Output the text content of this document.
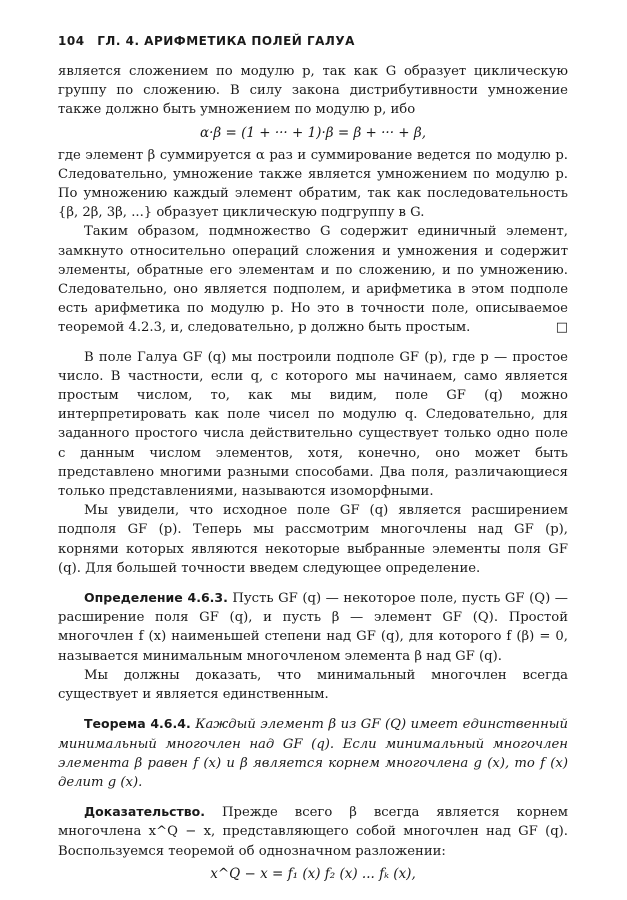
104 ГЛ. 4. АРИФМЕТИКА ПОЛЕЙ ГАЛУА

является сложением по модулю p, так как G образует циклическую группу по сложению. В силу закона дистрибутивности умножение также должно быть умножением по модулю p, ибо

α·β = (1 + ··· + 1)·β = β + ··· + β,

где элемент β суммируется α раз и суммирование ведется по модулю p. Следовательно, умножение также является умножением по модулю p. По умножению каждый элемент обратим, так как последовательность {β, 2β, 3β, ...} образует циклическую подгруппу в G.

Таким образом, подмножество G содержит единичный элемент, замкнуто относительно операций сложения и умножения и содержит элементы, обратные его элементам и по сложению, и по умножению. Следовательно, оно является подполем, и арифметика в этом подполе есть арифметика по модулю p. Но это в точности поле, описываемое теоремой 4.2.3, и, следовательно, p должно быть простым.	□

В поле Галуа GF (q) мы построили подполе GF (p), где p — простое число. В частности, если q, с которого мы начинаем, само является простым числом, то, как мы видим, поле GF (q) можно интерпретировать как поле чисел по модулю q. Следовательно, для заданного простого числа действительно существует только одно поле с данным числом элементов, хотя, конечно, оно может быть представлено многими разными способами. Два поля, различающиеся только представлениями, называются изоморфными.

Мы увидели, что исходное поле GF (q) является расширением подполя GF (p). Теперь мы рассмотрим многочлены над GF (p), корнями которых являются некоторые выбранные элементы поля GF (q). Для большей точности введем следующее определение.

Определение 4.6.3. Пусть GF (q) — некоторое поле, пусть GF (Q) — расширение поля GF (q), и пусть β — элемент GF (Q). Простой многочлен f (x) наименьшей степени над GF (q), для которого f (β) = 0, называется минимальным многочленом элемента β над GF (q).

Мы должны доказать, что минимальный многочлен всегда существует и является единственным.

Теорема 4.6.4. Каждый элемент β из GF (Q) имеет единственный минимальный многочлен над GF (q). Если минимальный многочлен элемента β равен f (x) и β является корнем многочлена g (x), то f (x) делит g (x).

Доказательство. Прежде всего β всегда является корнем многочлена x^Q − x, представляющего собой многочлен над GF (q). Воспользуемся теоремой об однозначном разложении:

x^Q − x = f₁ (x) f₂ (x) ... fₖ (x),
